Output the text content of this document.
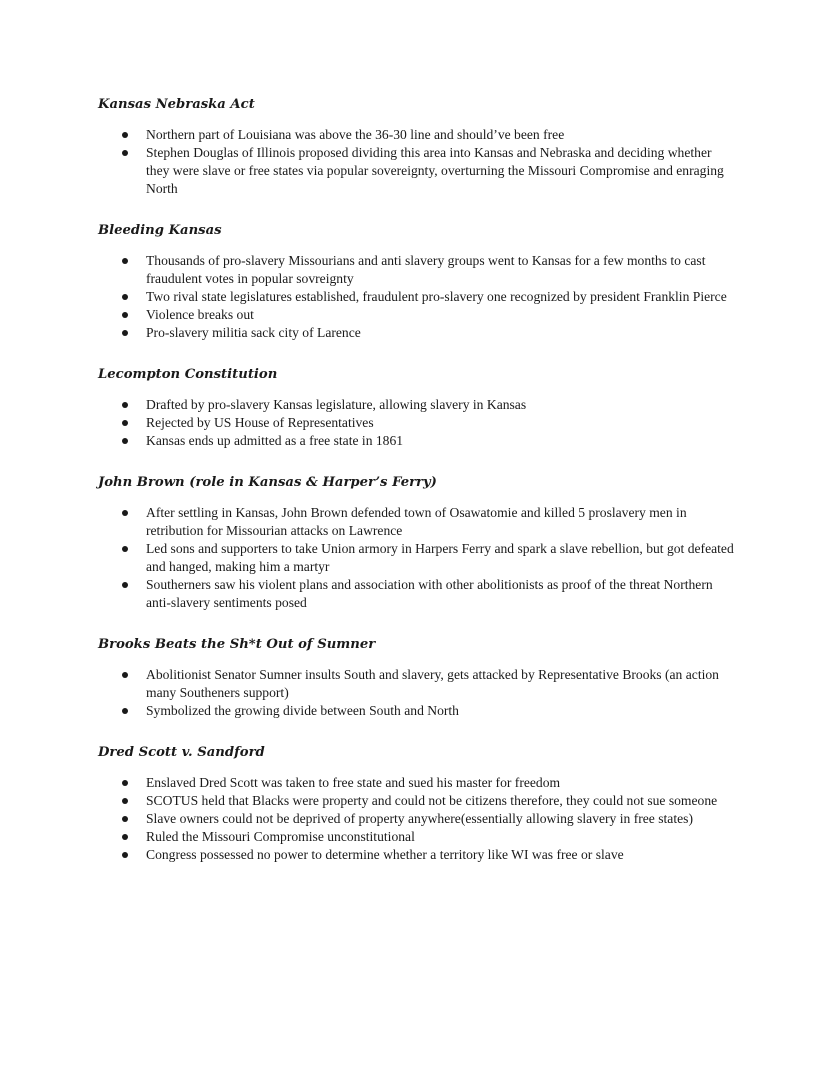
Kansas Nebraska Act
Northern part of Louisiana was above the 36-30 line and should’ve been free
Stephen Douglas of Illinois proposed dividing this area into Kansas and Nebraska and deciding whether they were slave or free states via popular sovereignty, overturning the Missouri Compromise and enraging North
Bleeding Kansas
Thousands of pro-slavery Missourians and anti slavery groups went to Kansas for a few months to cast fraudulent votes in popular sovreignty
Two rival state legislatures established, fraudulent pro-slavery one recognized by president Franklin Pierce
Violence breaks out
Pro-slavery militia sack city of Larence
Lecompton Constitution
Drafted by pro-slavery Kansas legislature, allowing slavery in Kansas
Rejected by US House of Representatives
Kansas ends up admitted as a free state in 1861
John Brown (role in Kansas & Harper’s Ferry)
After settling in Kansas, John Brown defended town of Osawatomie and killed 5 proslavery men in retribution for Missourian attacks on Lawrence
Led sons and supporters to take Union armory in Harpers Ferry and spark a slave rebellion, but got defeated and hanged, making him a martyr
Southerners saw his violent plans and association with other abolitionists as proof of the threat Northern anti-slavery sentiments posed
Brooks Beats the Sh*t Out of Sumner
Abolitionist Senator Sumner insults South and slavery, gets attacked by Representative Brooks (an action many Southeners support)
Symbolized the growing divide between South and North
Dred Scott v. Sandford
Enslaved Dred Scott was taken to free state and sued his master for freedom
SCOTUS held that Blacks were property and could not be citizens therefore, they could not sue someone
Slave owners could not be deprived of property anywhere(essentially allowing slavery in free states)
Ruled the Missouri Compromise unconstitutional
Congress possessed no power to determine whether a territory like WI was free or slave
